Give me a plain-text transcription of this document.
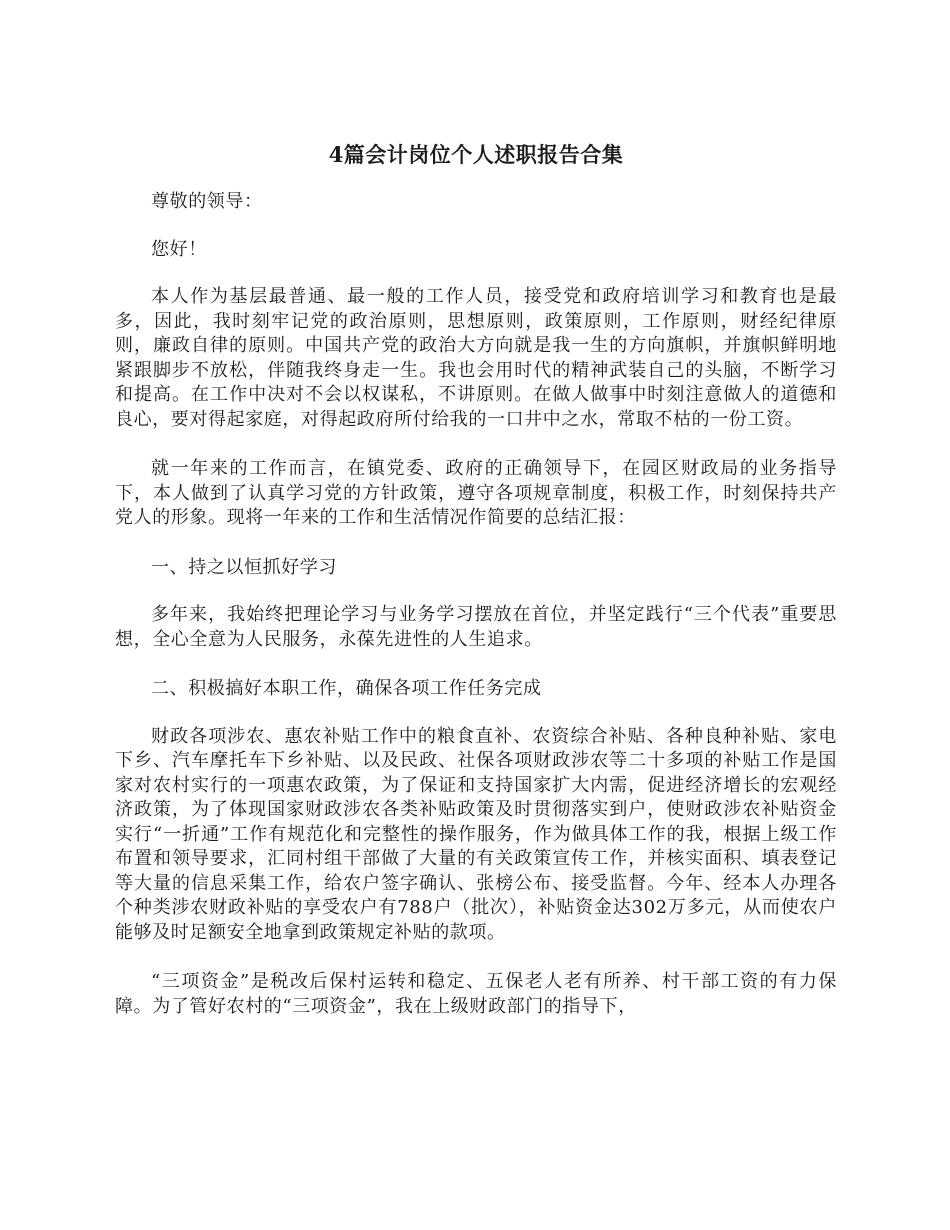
4篇会计岗位个人述职报告合集

尊敬的领导：

您好！

本人作为基层最普通、最一般的工作人员，接受党和政府培训学习和教育也是最多，因此，我时刻牢记党的政治原则，思想原则，政策原则，工作原则，财经纪律原则，廉政自律的原则。中国共产党的政治大方向就是我一生的方向旗帜，并旗帜鲜明地紧跟脚步不放松，伴随我终身走一生。我也会用时代的精神武装自己的头脑，不断学习和提高。在工作中决对不会以权谋私，不讲原则。在做人做事中时刻注意做人的道德和良心，要对得起家庭，对得起政府所付给我的一口井中之水，常取不枯的一份工资。

就一年来的工作而言，在镇党委、政府的正确领导下，在园区财政局的业务指导下，本人做到了认真学习党的方针政策，遵守各项规章制度，积极工作，时刻保持共产党人的形象。现将一年来的工作和生活情况作简要的总结汇报：

一、持之以恒抓好学习

多年来，我始终把理论学习与业务学习摆放在首位，并坚定践行“三个代表”重要思想，全心全意为人民服务，永葆先进性的人生追求。

二、积极搞好本职工作，确保各项工作任务完成

财政各项涉农、惠农补贴工作中的粮食直补、农资综合补贴、各种良种补贴、家电下乡、汽车摩托车下乡补贴、以及民政、社保各项财政涉农等二十多项的补贴工作是国家对农村实行的一项惠农政策，为了保证和支持国家扩大内需，促进经济增长的宏观经济政策，为了体现国家财政涉农各类补贴政策及时贯彻落实到户，使财政涉农补贴资金实行“一折通”工作有规范化和完整性的操作服务，作为做具体工作的我，根据上级工作布置和领导要求，汇同村组干部做了大量的有关政策宣传工作，并核实面积、填表登记等大量的信息采集工作，给农户签字确认、张榜公布、接受监督。今年、经本人办理各个种类涉农财政补贴的享受农户有788户（批次），补贴资金达302万多元，从而使农户能够及时足额安全地拿到政策规定补贴的款项。

“三项资金”是税改后保村运转和稳定、五保老人老有所养、村干部工资的有力保障。为了管好农村的“三项资金”，我在上级财政部门的指导下，
